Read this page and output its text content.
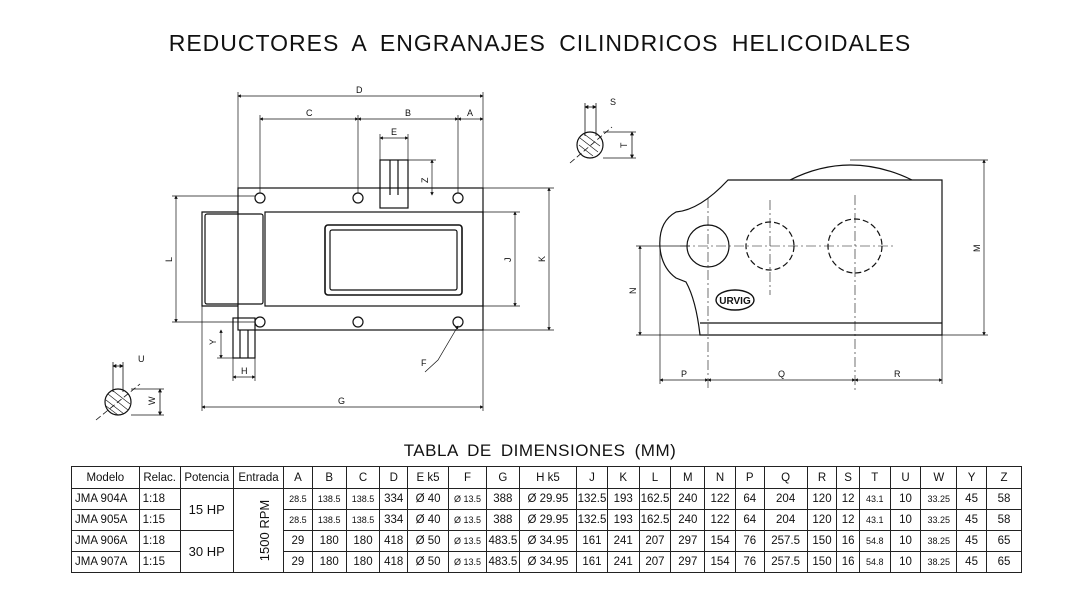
REDUCTORES A ENGRANAJES CILINDRICOS HELICOIDALES
D
C	B	A
E
Z
L	J	K
Y
H
F
G
U
W
S
T
URVIG
N
M
P	Q	R
TABLA DE DIMENSIONES (MM)
Modelo	Relac.	Potencia	Entrada	A	B	C	D	E k5	F	G	H k5	J	K	L	M	N	P	Q	R	S	T	U	W	Y	Z
JMA 904A	1:18	15 HP	1500 RPM	28.5	138.5	138.5	334	Ø 40	Ø 13.5	388	Ø 29.95	132.5	193	162.5	240	122	64	204	120	12	43.1	10	33.25	45	58
JMA 905A	1:15			28.5	138.5	138.5	334	Ø 40	Ø 13.5	388	Ø 29.95	132.5	193	162.5	240	122	64	204	120	12	43.1	10	33.25	45	58
JMA 906A	1:18	30 HP		29	180	180	418	Ø 50	Ø 13.5	483.5	Ø 34.95	161	241	207	297	154	76	257.5	150	16	54.8	10	38.25	45	65
JMA 907A	1:15			29	180	180	418	Ø 50	Ø 13.5	483.5	Ø 34.95	161	241	207	297	154	76	257.5	150	16	54.8	10	38.25	45	65
